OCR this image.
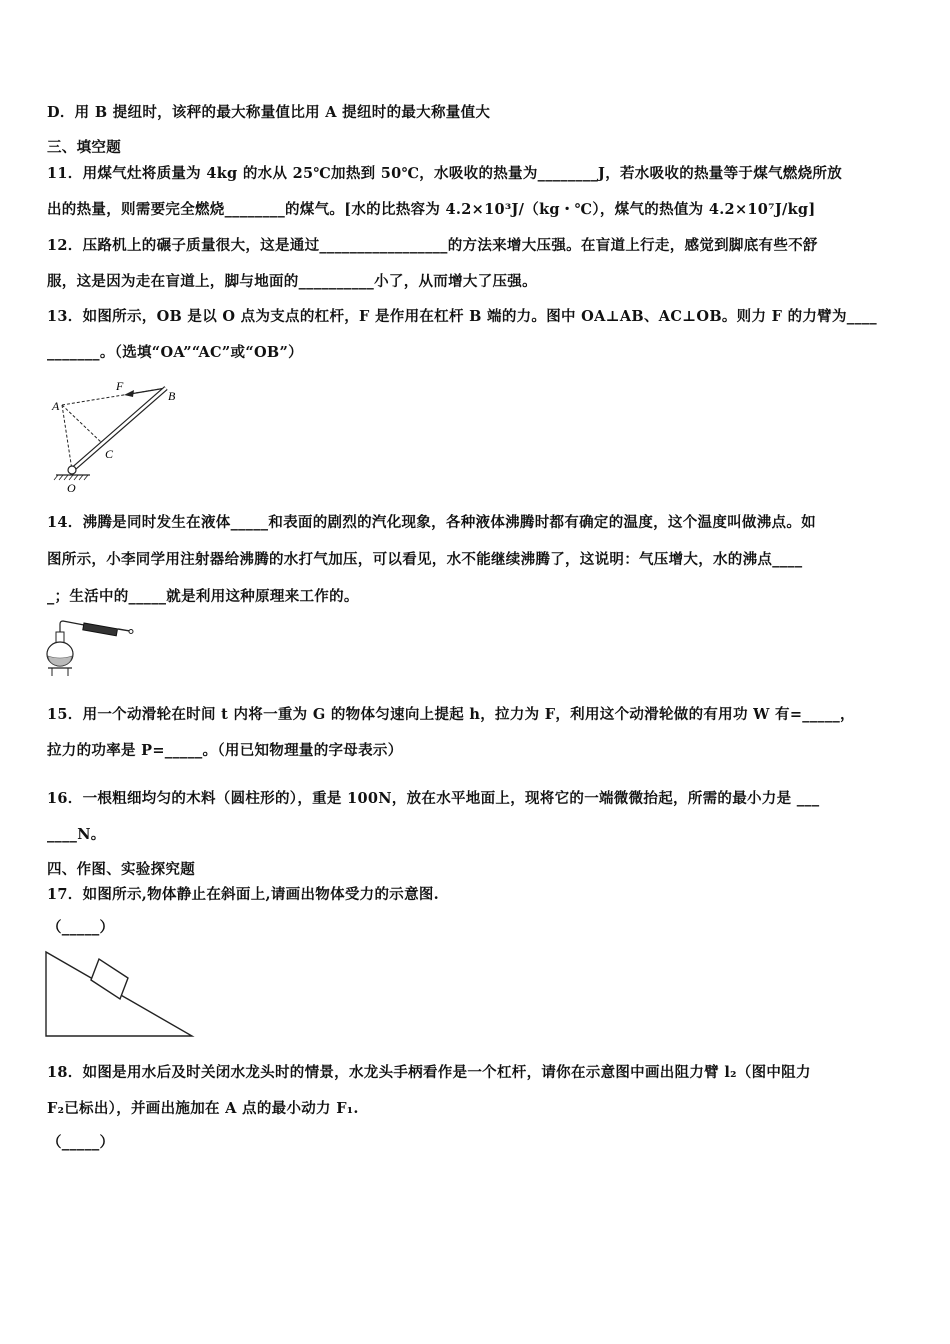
D．用 B 提纽时，该秤的最大称量值比用 A 提纽时的最大称量值大
三、填空题
11．用煤气灶将质量为 4kg 的水从 25℃加热到 50℃，水吸收的热量为________J，若水吸收的热量等于煤气燃烧所放
出的热量，则需要完全燃烧________的煤气。[水的比热容为 4.2×10³J/（kg・℃），煤气的热值为 4.2×10⁷J/kg]
12．压路机上的碾子质量很大，这是通过_________________的方法来增大压强。在盲道上行走，感觉到脚底有些不舒
服，这是因为走在盲道上，脚与地面的__________小了，从而增大了压强。
13．如图所示，OB 是以 O 点为支点的杠杆，F 是作用在杠杆 B 端的力。图中 OA⊥AB、AC⊥OB。则力 F 的力臂为____
_______。（选填“OA”“AC”或“OB”）
A
B
C
F
O
14．沸腾是同时发生在液体_____和表面的剧烈的汽化现象，各种液体沸腾时都有确定的温度，这个温度叫做沸点。如
图所示，小李同学用注射器给沸腾的水打气加压，可以看见，水不能继续沸腾了，这说明：气压增大，水的沸点____
_；生活中的_____就是利用这种原理来工作的。
15．用一个动滑轮在时间 t 内将一重为 G 的物体匀速向上提起 h，拉力为 F，利用这个动滑轮做的有用功 W 有=_____，
拉力的功率是 P=_____。（用已知物理量的字母表示）
16．一根粗细均匀的木料（圆柱形的），重是 100N，放在水平地面上，现将它的一端微微抬起，所需的最小力是 ___
____N。
四、作图、实验探究题
17．如图所示,物体静止在斜面上,请画出物体受力的示意图.
（_____）
18．如图是用水后及时关闭水龙头时的情景，水龙头手柄看作是一个杠杆，请你在示意图中画出阻力臂 l₂（图中阻力
F₂已标出），并画出施加在 A 点的最小动力 F₁.
（_____）
